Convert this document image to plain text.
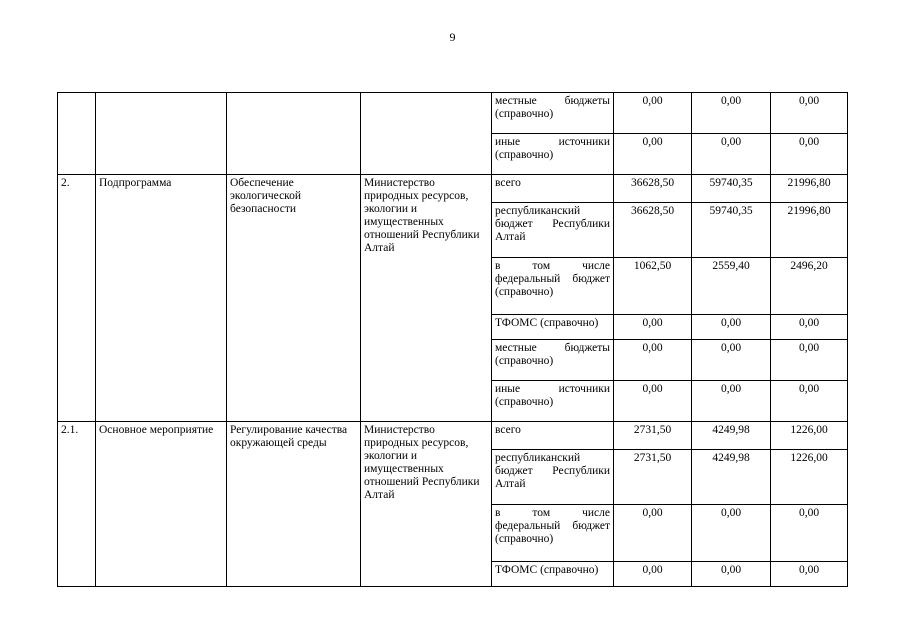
9
				местные бюджеты (справочно)	0,00	0,00	0,00
				иные источники (справочно)	0,00	0,00	0,00
2.	Подпрограмма	Обеспечение экологической безопасности	Министерство природных ресурсов, экологии и имущественных отношений Республики Алтай	всего	36628,50	59740,35	21996,80
				республиканский бюджет Республики Алтай	36628,50	59740,35	21996,80
				в том числе федеральный бюджет (справочно)	1062,50	2559,40	2496,20
				ТФОМС (справочно)	0,00	0,00	0,00
				местные бюджеты (справочно)	0,00	0,00	0,00
				иные источники (справочно)	0,00	0,00	0,00
2.1.	Основное мероприятие	Регулирование качества окружающей среды	Министерство природных ресурсов, экологии и имущественных отношений Республики Алтай	всего	2731,50	4249,98	1226,00
				республиканский бюджет Республики Алтай	2731,50	4249,98	1226,00
				в том числе федеральный бюджет (справочно)	0,00	0,00	0,00
				ТФОМС (справочно)	0,00	0,00	0,00
